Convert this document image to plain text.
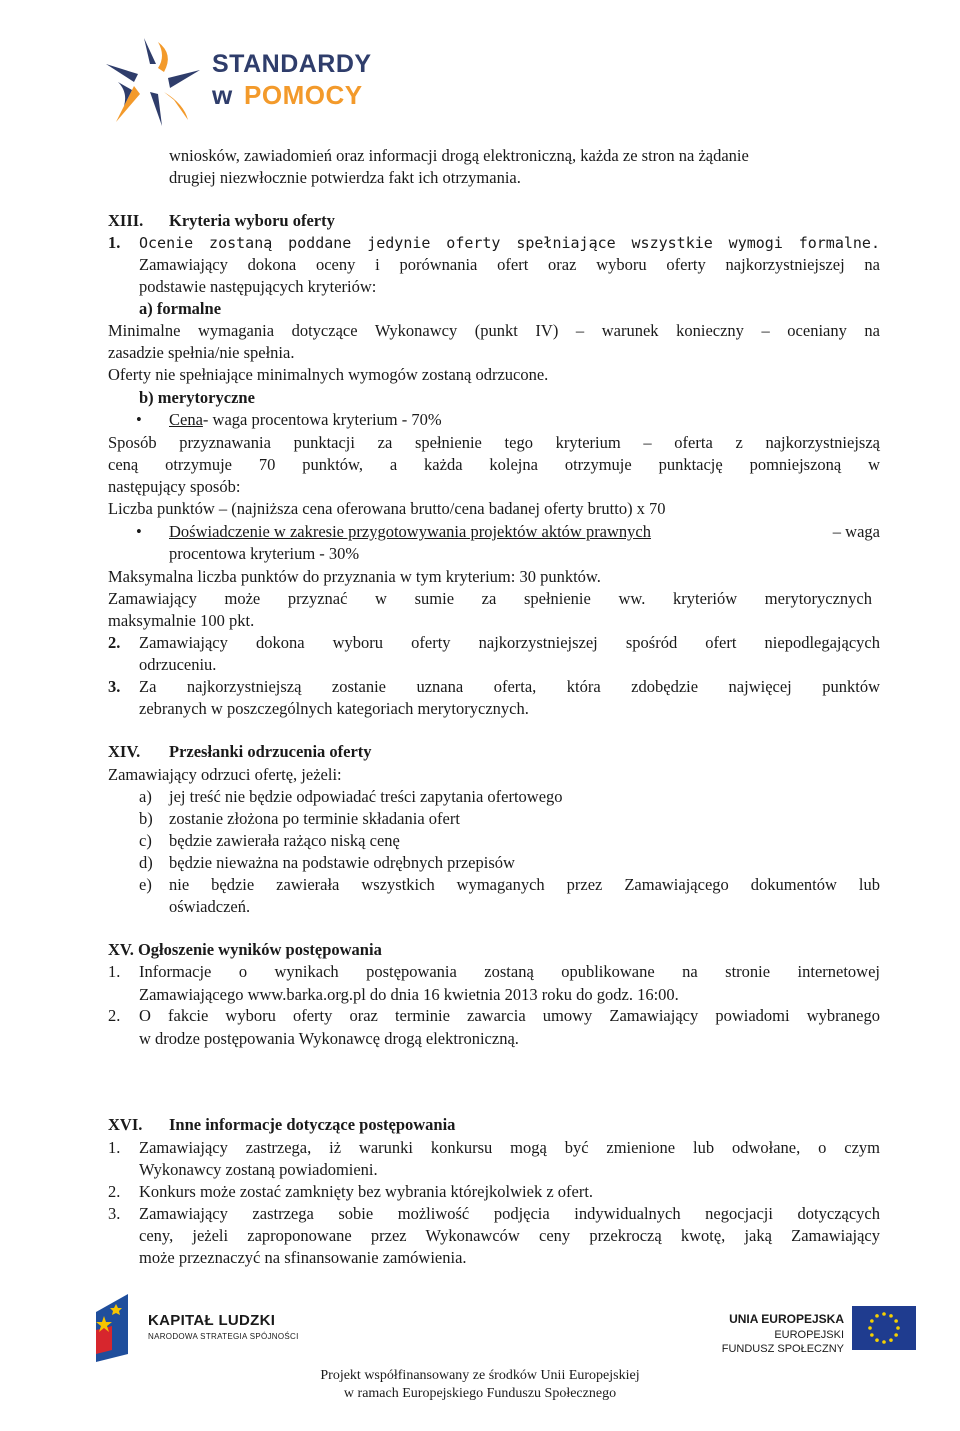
STANDARDY
w POMOCY
wniosków, zawiadomień oraz informacji drogą elektroniczną, każda ze stron na żądanie
drugiej niezwłocznie potwierdza fakt ich otrzymania.
XIII. Kryteria wyboru oferty
1. Ocenie zostaną poddane jedynie oferty spełniające wszystkie wymogi formalne.
Zamawiający dokona oceny i porównania ofert oraz wyboru oferty najkorzystniejszej na
podstawie następujących kryteriów:
a) formalne
Minimalne wymagania dotyczące Wykonawcy (punkt IV) – warunek konieczny – oceniany na
zasadzie spełnia/nie spełnia.
Oferty nie spełniające minimalnych wymogów zostaną odrzucone.
b) merytoryczne
• Cena- waga procentowa kryterium - 70%
Sposób przyznawania punktacji za spełnienie tego kryterium – oferta z najkorzystniejszą
ceną otrzymuje 70 punktów, a każda kolejna otrzymuje punktację pomniejszoną w
następujący sposób:
Liczba punktów – (najniższa cena oferowana brutto/cena badanej oferty brutto) x 70
• Doświadczenie w zakresie przygotowywania projektów aktów prawnych	– waga
procentowa kryterium - 30%
Maksymalna liczba punktów do przyznania w tym kryterium: 30 punktów.
Zamawiający może przyznać w sumie za spełnienie ww. kryteriów merytorycznych
maksymalnie 100 pkt.
2. Zamawiający dokona wyboru oferty najkorzystniejszej spośród ofert niepodlegających
odrzuceniu.
3. Za najkorzystniejszą zostanie uznana oferta, która zdobędzie najwięcej punktów
zebranych w poszczególnych kategoriach merytorycznych.
XIV. Przesłanki odrzucenia oferty
Zamawiający odrzuci ofertę, jeżeli:
a) jej treść nie będzie odpowiadać treści zapytania ofertowego
b) zostanie złożona po terminie składania ofert
c) będzie zawierała rażąco niską cenę
d) będzie nieważna na podstawie odrębnych przepisów
e) nie będzie zawierała wszystkich wymaganych przez Zamawiającego dokumentów lub
oświadczeń.
XV. Ogłoszenie wyników postępowania
1. Informacje o wynikach postępowania zostaną opublikowane na stronie internetowej
Zamawiającego www.barka.org.pl do dnia 16 kwietnia 2013 roku do godz. 16:00.
2. O fakcie wyboru oferty oraz terminie zawarcia umowy Zamawiający powiadomi wybranego
w drodze postępowania Wykonawcę drogą elektroniczną.
XVI. Inne informacje dotyczące postępowania
1. Zamawiający zastrzega, iż warunki konkursu mogą być zmienione lub odwołane, o czym
Wykonawcy zostaną powiadomieni.
2. Konkurs może zostać zamknięty bez wybrania którejkolwiek z ofert.
3. Zamawiający zastrzega sobie możliwość podjęcia indywidualnych negocjacji dotyczących
ceny, jeżeli zaproponowane przez Wykonawców ceny przekroczą kwotę, jaką Zamawiający
może przeznaczyć na sfinansowanie zamówienia.
KAPITAŁ LUDZKI
NARODOWA STRATEGIA SPÓJNOŚCI
UNIA EUROPEJSKA
EUROPEJSKI
FUNDUSZ SPOŁECZNY
Projekt współfinansowany ze środków Unii Europejskiej
w ramach Europejskiego Funduszu Społecznego
